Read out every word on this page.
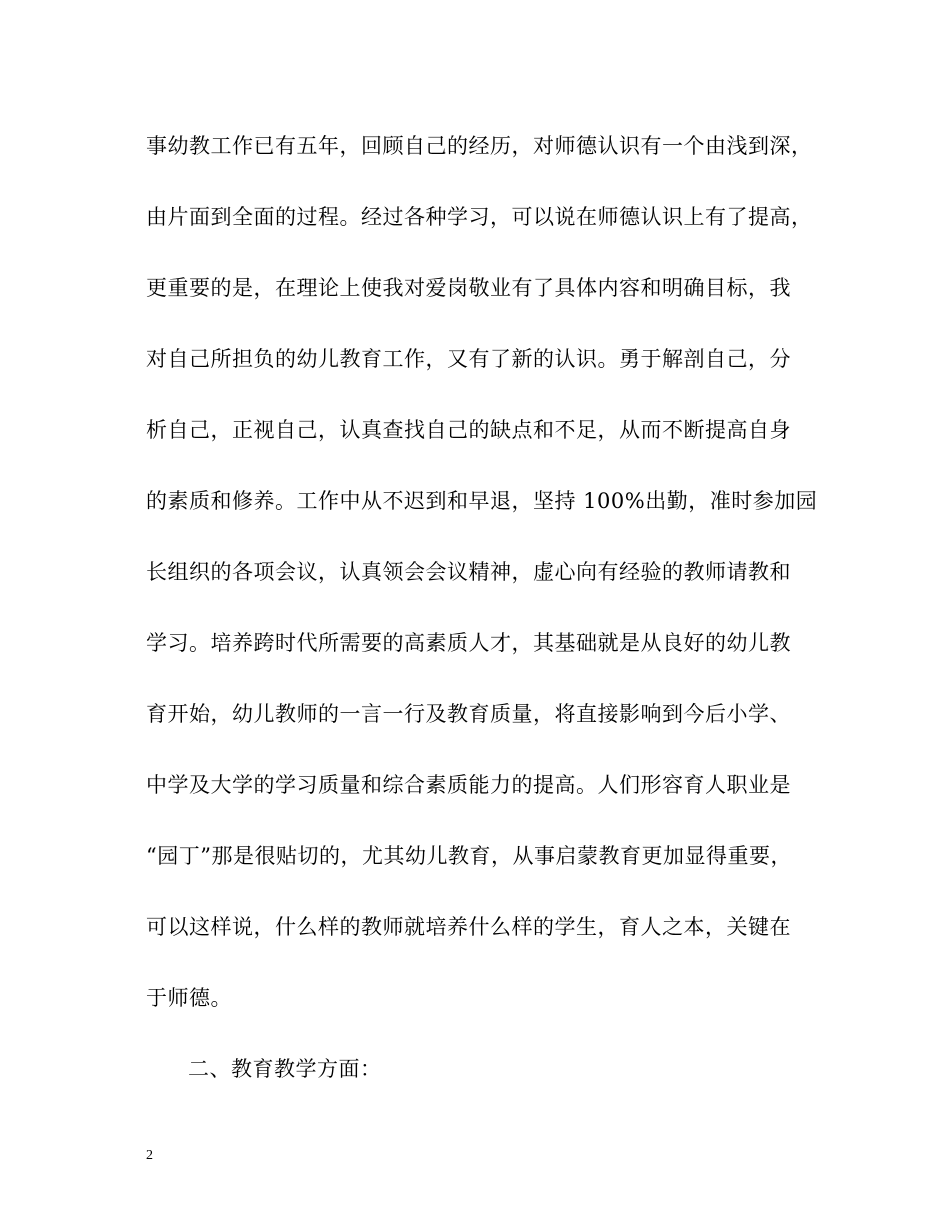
事幼教工作已有五年，回顾自己的经历，对师德认识有一个由浅到深，
由片面到全面的过程。经过各种学习，可以说在师德认识上有了提高，
更重要的是，在理论上使我对爱岗敬业有了具体内容和明确目标，我
对自己所担负的幼儿教育工作，又有了新的认识。勇于解剖自己，分
析自己，正视自己，认真查找自己的缺点和不足，从而不断提高自身
的素质和修养。工作中从不迟到和早退，坚持 100%出勤，准时参加园
长组织的各项会议，认真领会会议精神，虚心向有经验的教师请教和
学习。培养跨时代所需要的高素质人才，其基础就是从良好的幼儿教
育开始，幼儿教师的一言一行及教育质量，将直接影响到今后小学、
中学及大学的学习质量和综合素质能力的提高。人们形容育人职业是
“园丁”那是很贴切的，尤其幼儿教育，从事启蒙教育更加显得重要，
可以这样说，什么样的教师就培养什么样的学生，育人之本，关键在
于师德。
二、教育教学方面：
2
